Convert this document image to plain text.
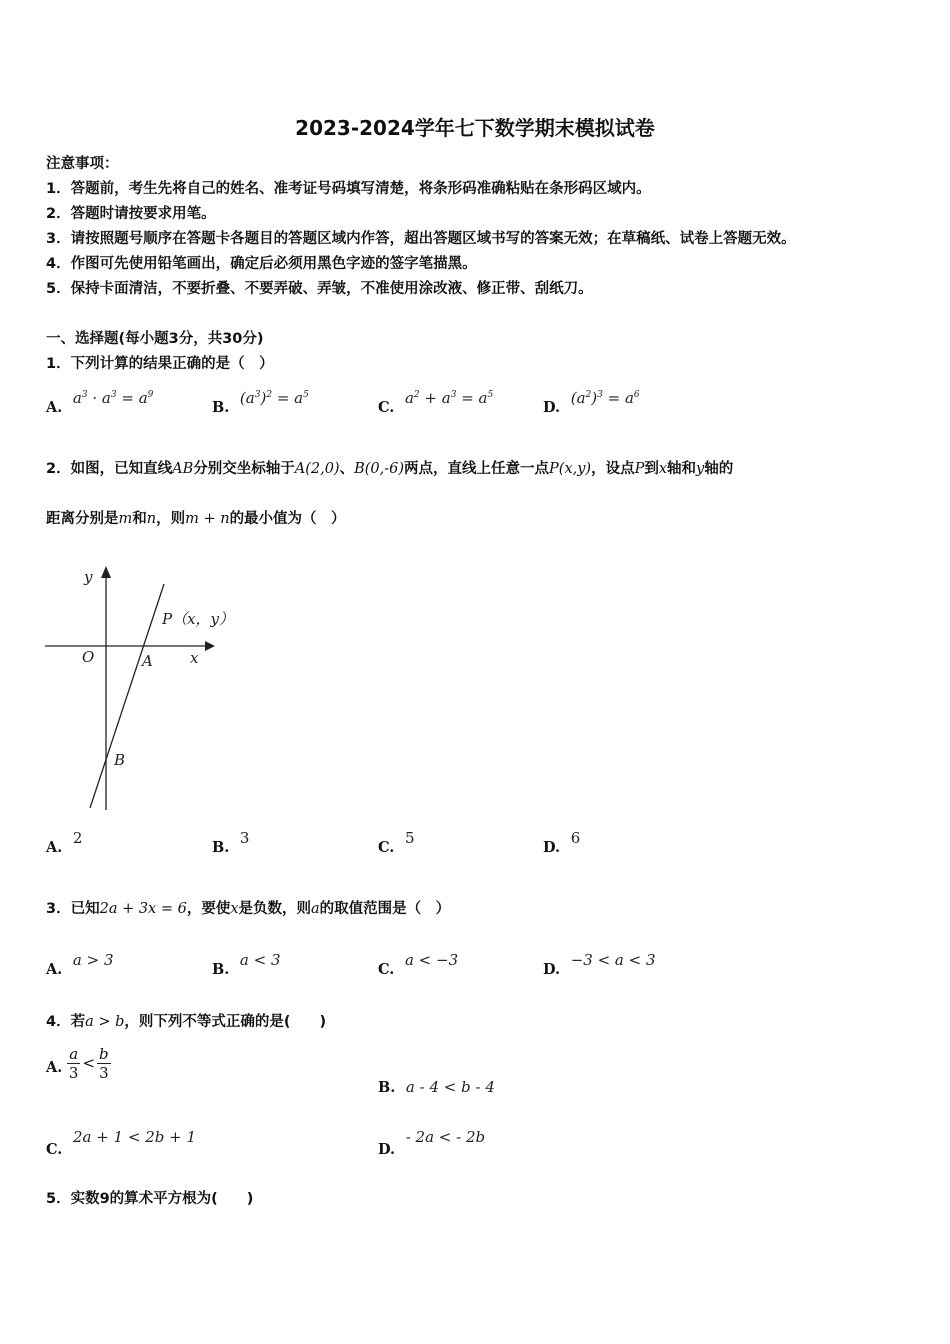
2023-2024学年七下数学期末模拟试卷
注意事项：
1．答题前，考生先将自己的姓名、准考证号码填写清楚，将条形码准确粘贴在条形码区域内。
2．答题时请按要求用笔。
3．请按照题号顺序在答题卡各题目的答题区域内作答，超出答题区域书写的答案无效；在草稿纸、试卷上答题无效。
4．作图可先使用铅笔画出，确定后必须用黑色字迹的签字笔描黑。
5．保持卡面清洁，不要折叠、不要弄破、弄皱，不准使用涂改液、修正带、刮纸刀。
一、选择题(每小题3分，共30分)
1．下列计算的结果正确的是（　）
A. $a^3 \cdot a^3 = a^9$
B. $(a^3)^2 = a^5$
C. $a^2 + a^3 = a^5$
D. $(a^2)^3 = a^6$
2．如图，已知直线AB分别交坐标轴于A(2,0)、B(0,-6)两点，直线上任意一点P(x,y)，设点P到x轴和y轴的
距离分别是m和n，则m + n的最小值为（　）
y
x
O	A
B
P（x，y）
A. 2
B. 3
C. 5
D. 6
3．已知2a + 3x = 6，要使x是负数，则a的取值范围是（　）
A. a > 3
B. a < 3
C. a < −3
D. −3 < a < 3
4．若a > b，则下列不等式正确的是(　　)
A. $\frac{a}{3} < \frac{b}{3}$
B. a - 4 < b - 4
C. 2a + 1 < 2b + 1
D. - 2a < - 2b
5．实数9的算术平方根为(　　)
